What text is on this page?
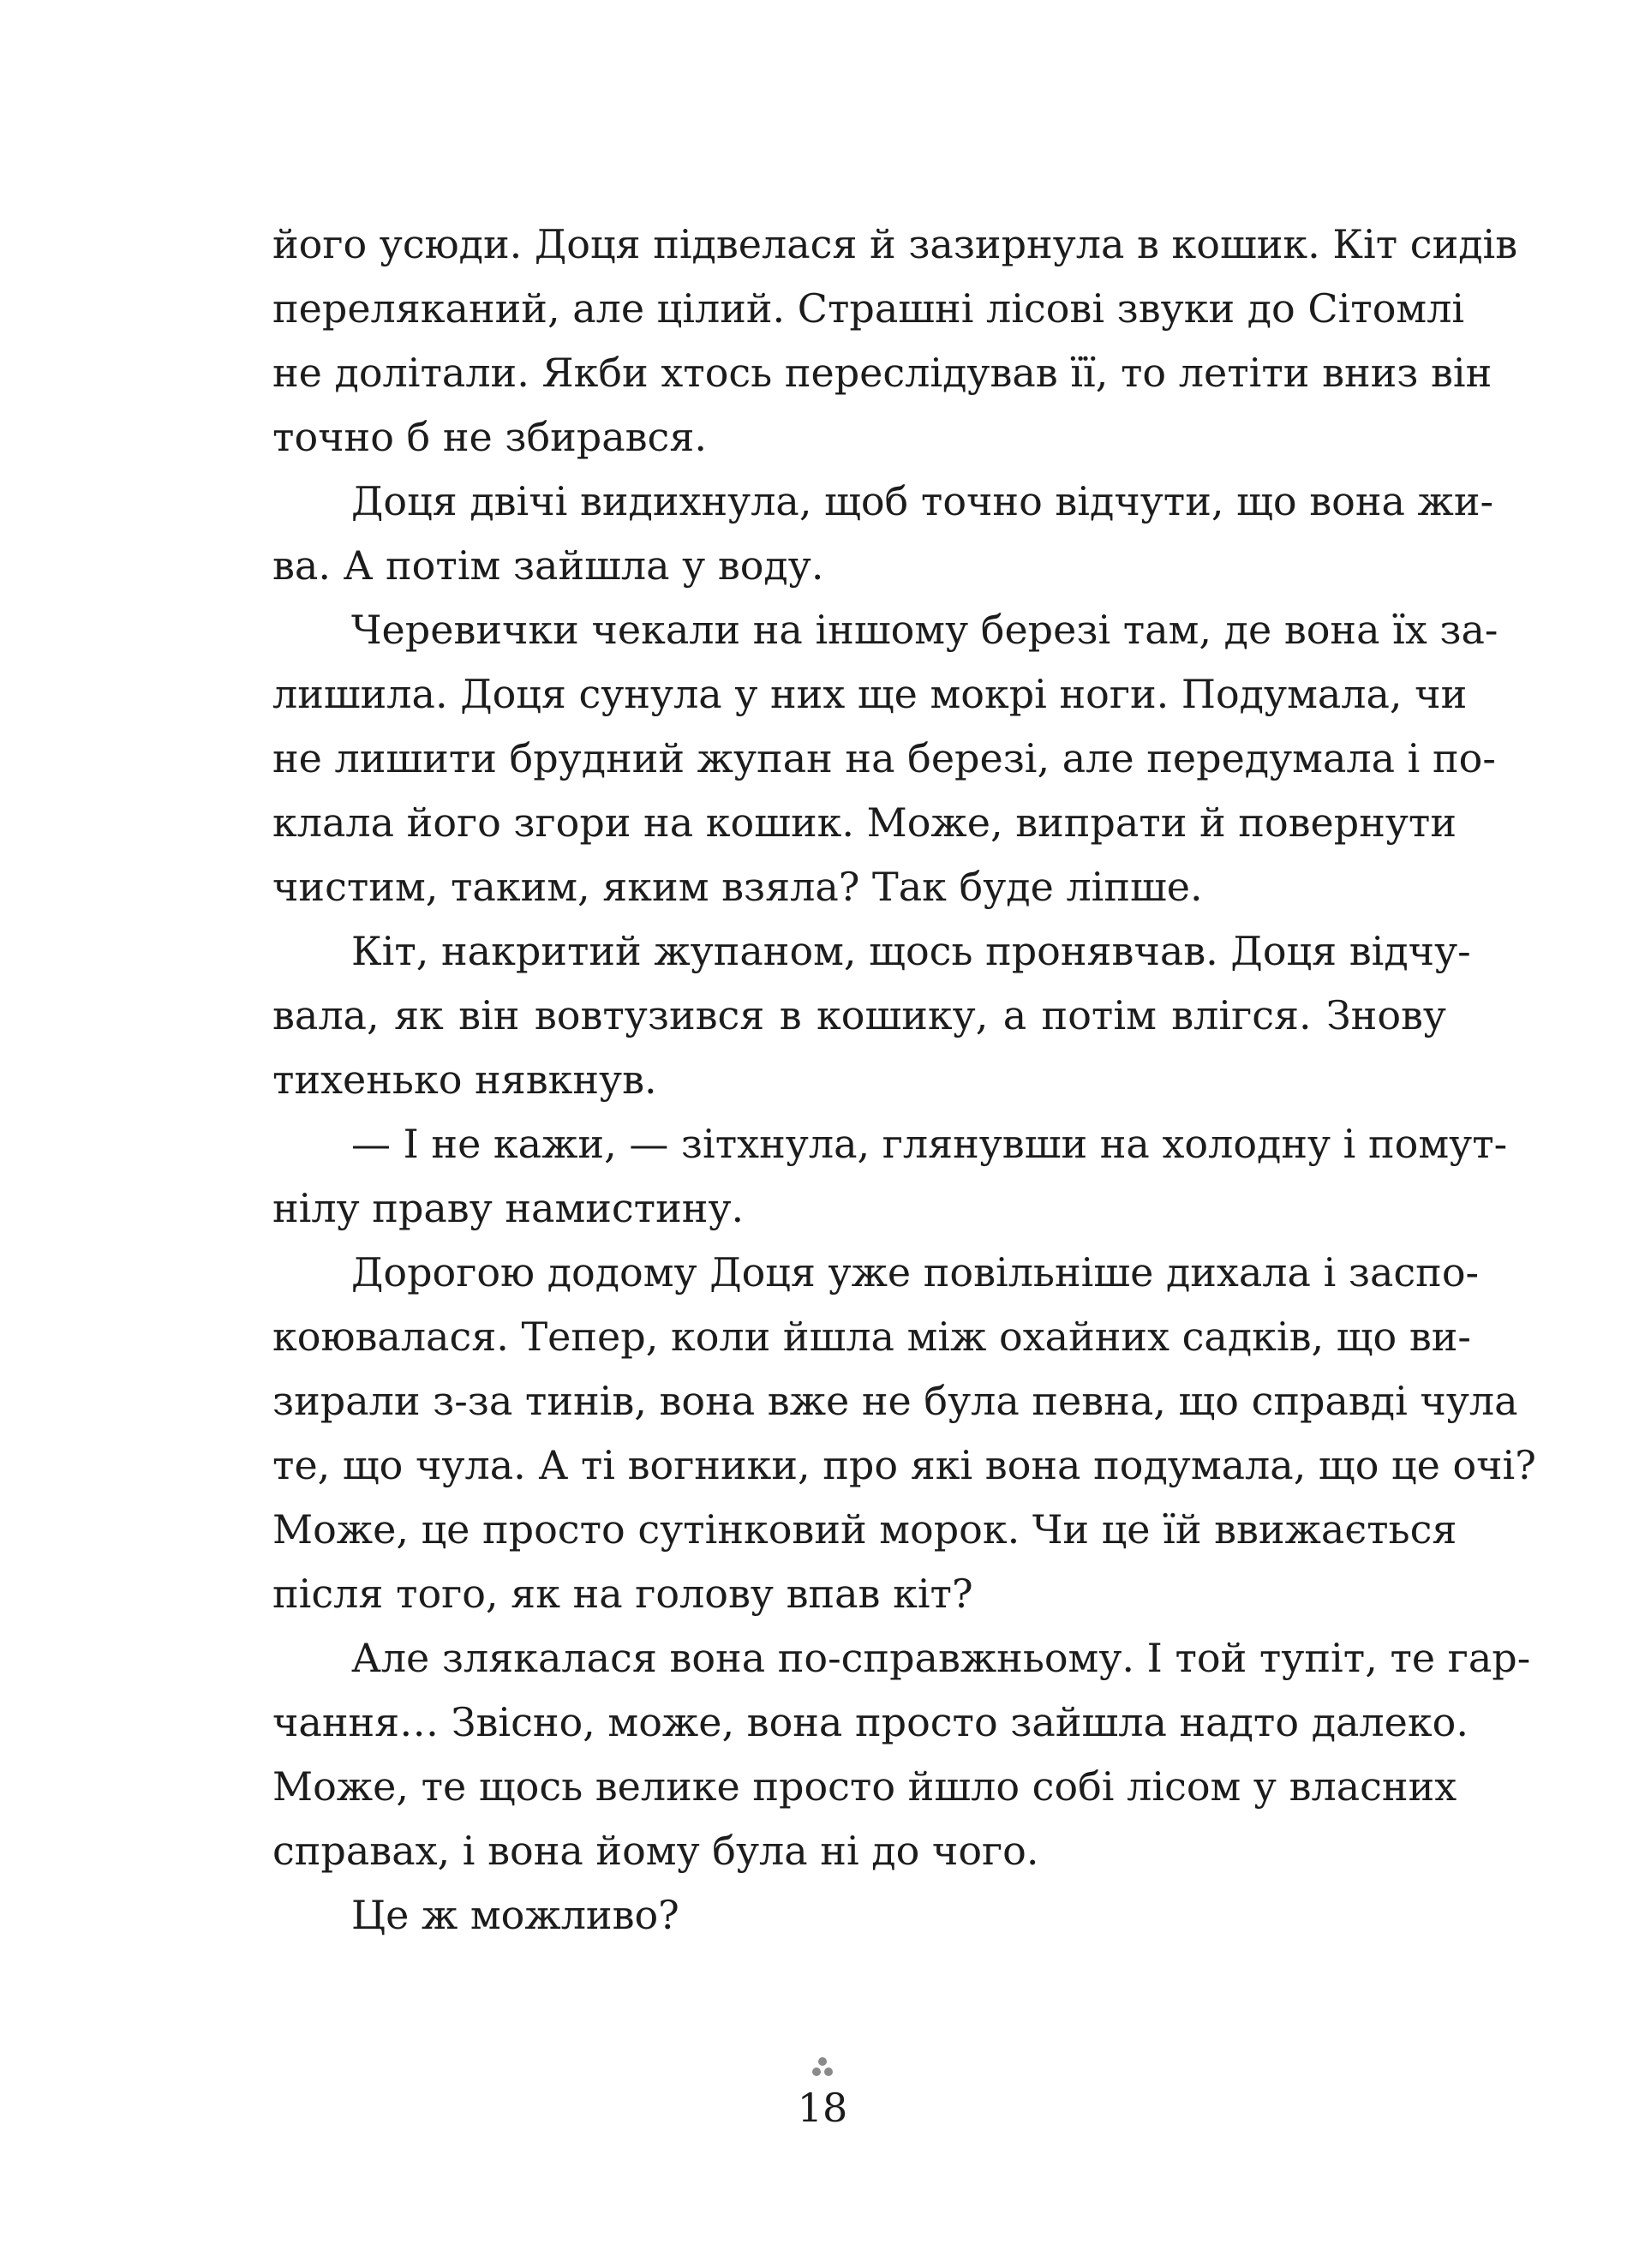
його усюди. Доця підвелася й зазирнула в кошик. Кіт сидів
переляканий, але цілий. Страшні лісові звуки до Сітомлі
не долітали. Якби хтось переслідував її, то летіти вниз він
точно б не збирався.
Доця двічі видихнула, щоб точно відчути, що вона жи-
ва. А потім зайшла у воду.
Черевички чекали на іншому березі там, де вона їх за-
лишила. Доця сунула у них ще мокрі ноги. Подумала, чи
не лишити брудний жупан на березі, але передумала і по-
клала його згори на кошик. Може, випрати й повернути
чистим, таким, яким взяла? Так буде ліпше.
Кіт, накритий жупаном, щось пронявчав. Доця відчу-
вала, як він вовтузився в кошику, а потім влігся. Знову
тихенько нявкнув.
— І не кажи, — зітхнула, глянувши на холодну і помут-
нілу праву намистину.
Дорогою додому Доця уже повільніше дихала і заспо-
коювалася. Тепер, коли йшла між охайних садків, що ви-
зирали з-за тинів, вона вже не була певна, що справді чула
те, що чула. А ті вогники, про які вона подумала, що це очі?
Може, це просто сутінковий морок. Чи це їй ввижається
після того, як на голову впав кіт?
Але злякалася вона по-справжньому. І той тупіт, те гар-
чання… Звісно, може, вона просто зайшла надто далеко.
Може, те щось велике просто йшло собі лісом у власних
справах, і вона йому була ні до чого.
Це ж можливо?
18
